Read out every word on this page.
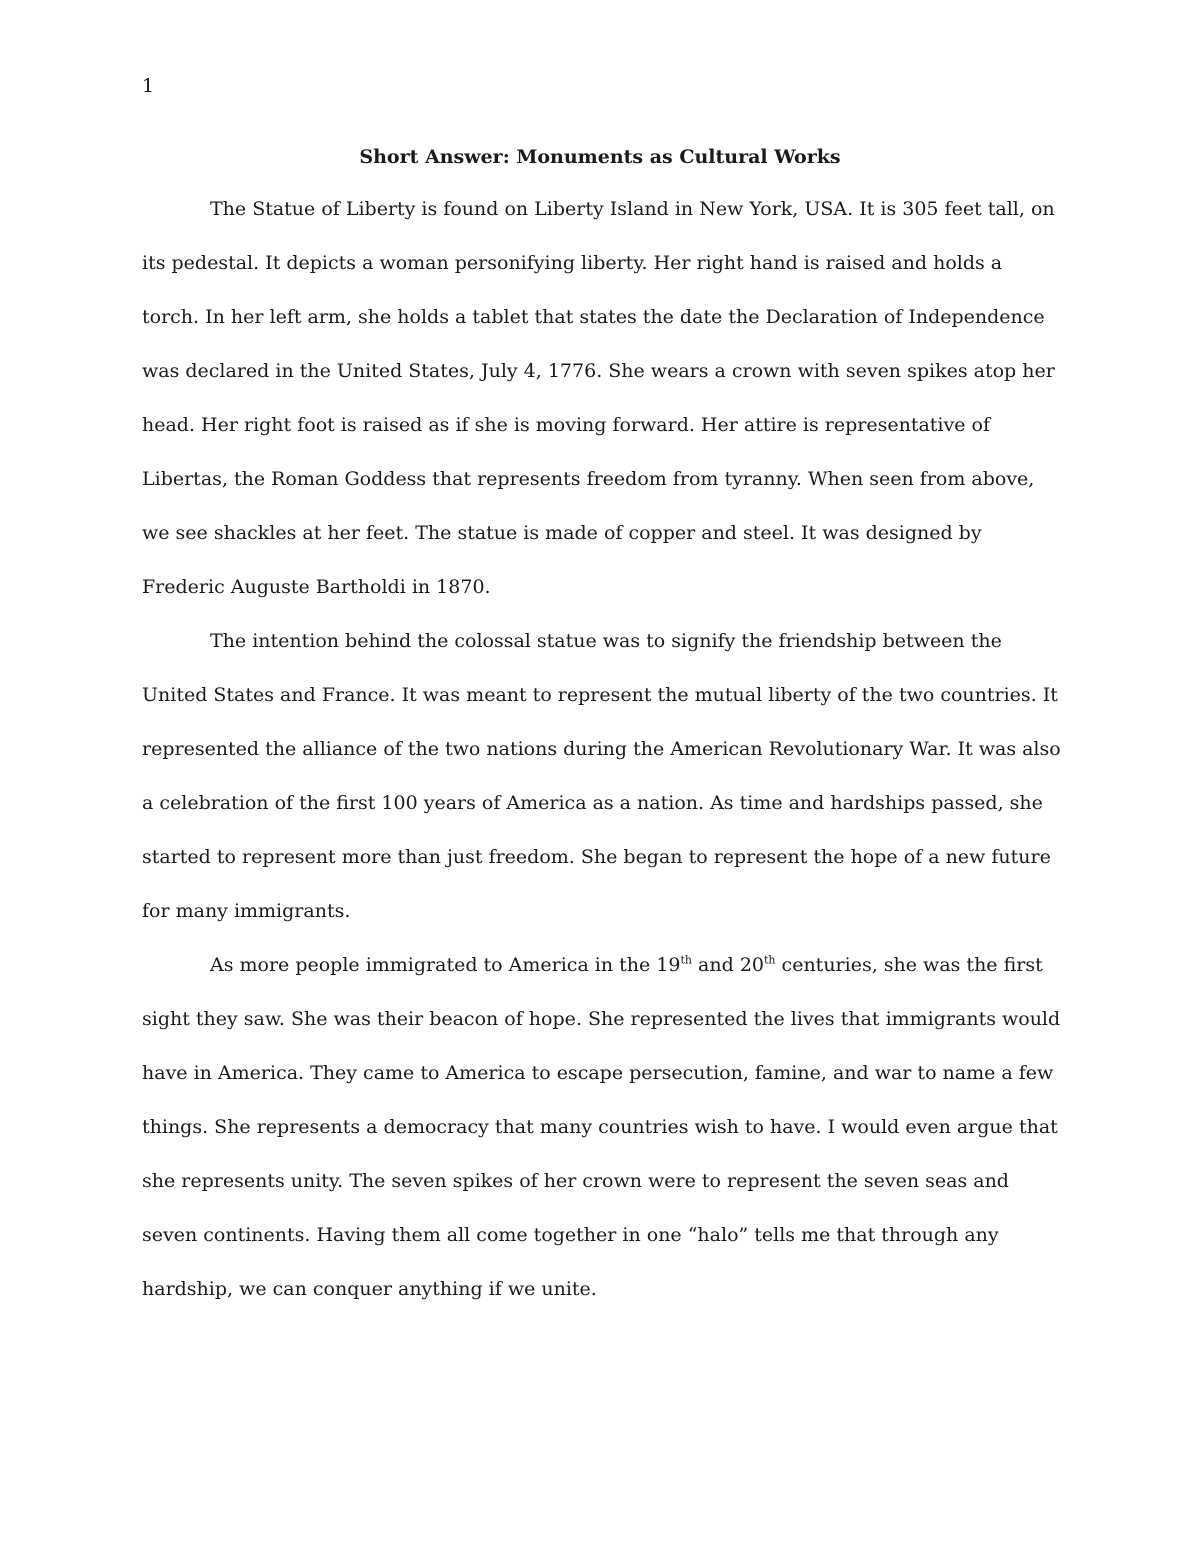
1
Short Answer: Monuments as Cultural Works

The Statue of Liberty is found on Liberty Island in New York, USA. It is 305 feet tall, on its pedestal. It depicts a woman personifying liberty. Her right hand is raised and holds a torch. In her left arm, she holds a tablet that states the date the Declaration of Independence was declared in the United States, July 4, 1776. She wears a crown with seven spikes atop her head. Her right foot is raised as if she is moving forward. Her attire is representative of Libertas, the Roman Goddess that represents freedom from tyranny. When seen from above, we see shackles at her feet. The statue is made of copper and steel. It was designed by Frederic Auguste Bartholdi in 1870.

The intention behind the colossal statue was to signify the friendship between the United States and France. It was meant to represent the mutual liberty of the two countries. It represented the alliance of the two nations during the American Revolutionary War. It was also a celebration of the first 100 years of America as a nation. As time and hardships passed, she started to represent more than just freedom. She began to represent the hope of a new future for many immigrants.

As more people immigrated to America in the 19th and 20th centuries, she was the first sight they saw. She was their beacon of hope. She represented the lives that immigrants would have in America. They came to America to escape persecution, famine, and war to name a few things. She represents a democracy that many countries wish to have. I would even argue that she represents unity. The seven spikes of her crown were to represent the seven seas and seven continents. Having them all come together in one “halo” tells me that through any hardship, we can conquer anything if we unite.
